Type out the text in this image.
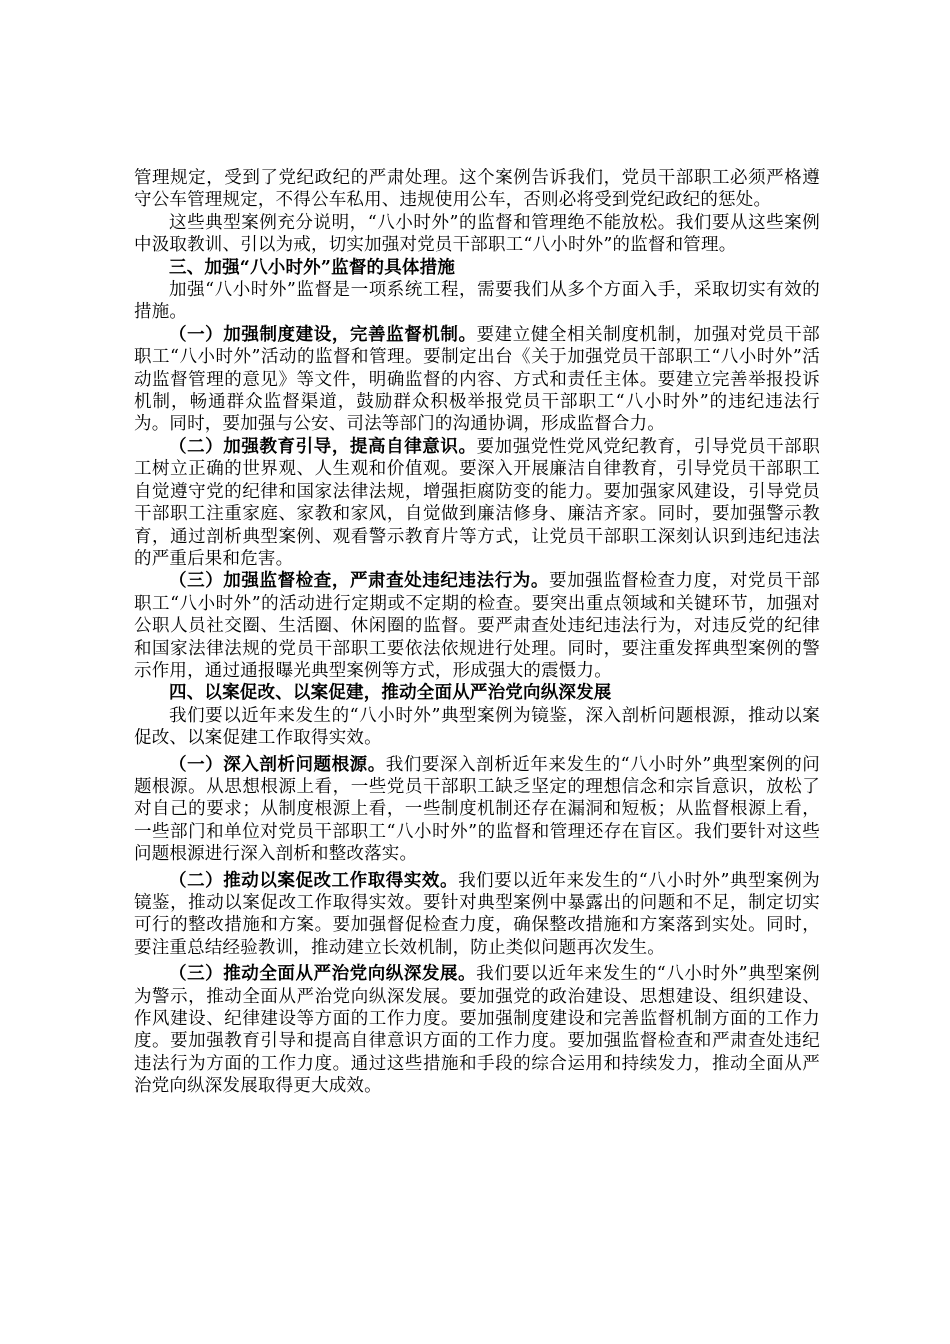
管理规定，受到了党纪政纪的严肃处理。这个案例告诉我们，党员干部职工必须严格遵守公车管理规定，不得公车私用、违规使用公车，否则必将受到党纪政纪的惩处。

这些典型案例充分说明，“八小时外”的监督和管理绝不能放松。我们要从这些案例中汲取教训、引以为戒，切实加强对党员干部职工“八小时外”的监督和管理。

三、加强“八小时外”监督的具体措施

加强“八小时外”监督是一项系统工程，需要我们从多个方面入手，采取切实有效的措施。

（一）加强制度建设，完善监督机制。要建立健全相关制度机制，加强对党员干部职工“八小时外”活动的监督和管理。要制定出台《关于加强党员干部职工“八小时外”活动监督管理的意见》等文件，明确监督的内容、方式和责任主体。要建立完善举报投诉机制，畅通群众监督渠道，鼓励群众积极举报党员干部职工“八小时外”的违纪违法行为。同时，要加强与公安、司法等部门的沟通协调，形成监督合力。

（二）加强教育引导，提高自律意识。要加强党性党风党纪教育，引导党员干部职工树立正确的世界观、人生观和价值观。要深入开展廉洁自律教育，引导党员干部职工自觉遵守党的纪律和国家法律法规，增强拒腐防变的能力。要加强家风建设，引导党员干部职工注重家庭、家教和家风，自觉做到廉洁修身、廉洁齐家。同时，要加强警示教育，通过剖析典型案例、观看警示教育片等方式，让党员干部职工深刻认识到违纪违法的严重后果和危害。

（三）加强监督检查，严肃查处违纪违法行为。要加强监督检查力度，对党员干部职工“八小时外”的活动进行定期或不定期的检查。要突出重点领域和关键环节，加强对公职人员社交圈、生活圈、休闲圈的监督。要严肃查处违纪违法行为，对违反党的纪律和国家法律法规的党员干部职工要依法依规进行处理。同时，要注重发挥典型案例的警示作用，通过通报曝光典型案例等方式，形成强大的震慑力。

四、以案促改、以案促建，推动全面从严治党向纵深发展

我们要以近年来发生的“八小时外”典型案例为镜鉴，深入剖析问题根源，推动以案促改、以案促建工作取得实效。

（一）深入剖析问题根源。我们要深入剖析近年来发生的“八小时外”典型案例的问题根源。从思想根源上看，一些党员干部职工缺乏坚定的理想信念和宗旨意识，放松了对自己的要求；从制度根源上看，一些制度机制还存在漏洞和短板；从监督根源上看，一些部门和单位对党员干部职工“八小时外”的监督和管理还存在盲区。我们要针对这些问题根源进行深入剖析和整改落实。

（二）推动以案促改工作取得实效。我们要以近年来发生的“八小时外”典型案例为镜鉴，推动以案促改工作取得实效。要针对典型案例中暴露出的问题和不足，制定切实可行的整改措施和方案。要加强督促检查力度，确保整改措施和方案落到实处。同时，要注重总结经验教训，推动建立长效机制，防止类似问题再次发生。

（三）推动全面从严治党向纵深发展。我们要以近年来发生的“八小时外”典型案例为警示，推动全面从严治党向纵深发展。要加强党的政治建设、思想建设、组织建设、作风建设、纪律建设等方面的工作力度。要加强制度建设和完善监督机制方面的工作力度。要加强教育引导和提高自律意识方面的工作力度。要加强监督检查和严肃查处违纪违法行为方面的工作力度。通过这些措施和手段的综合运用和持续发力，推动全面从严治党向纵深发展取得更大成效。
